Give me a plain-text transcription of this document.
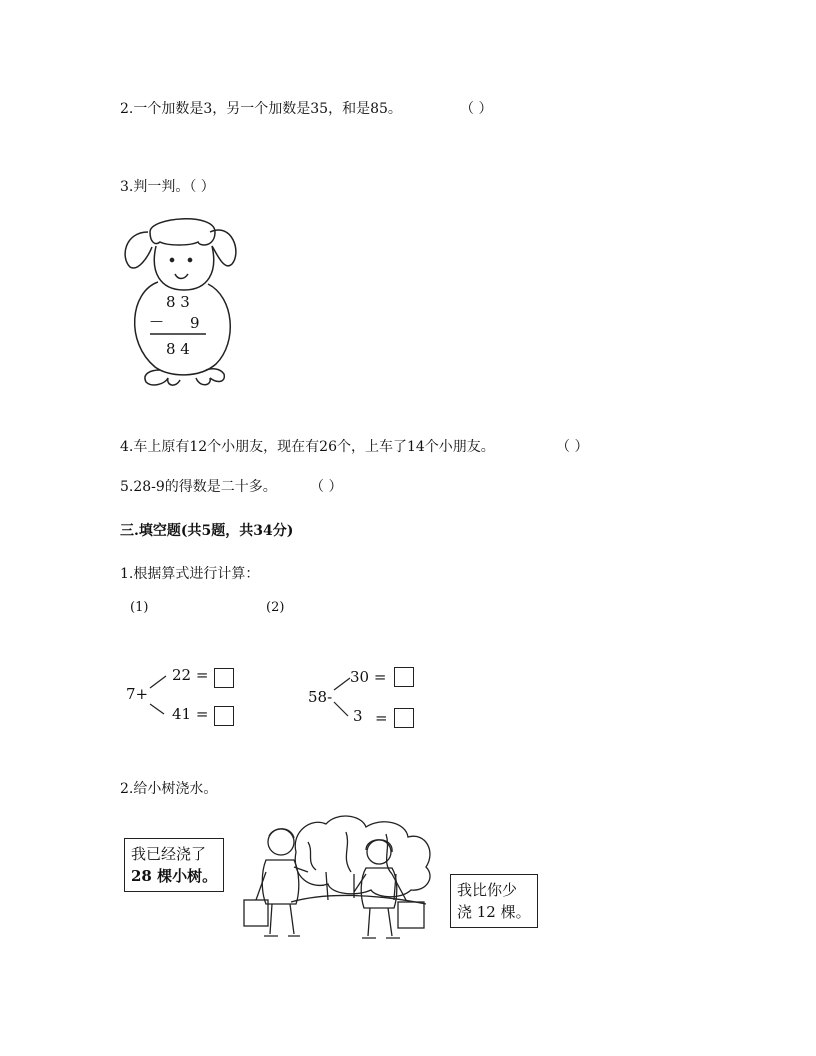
2.一个加数是3，另一个加数是35，和是85。	（ ）
3.判一判。（ ）
8 3
— 9
8 4
4.车上原有12个小朋友，现在有26个，上车了14个小朋友。	（ ）
5.28-9的得数是二十多。 （ ）
三.填空题(共5题，共34分)
1.根据算式进行计算：
(1)	(2)
7+
22 =
41 =
58-
30 =
3 =
2.给小树浇水。
我已经浇了
28 棵小树。
我比你少
浇 12 棵。
